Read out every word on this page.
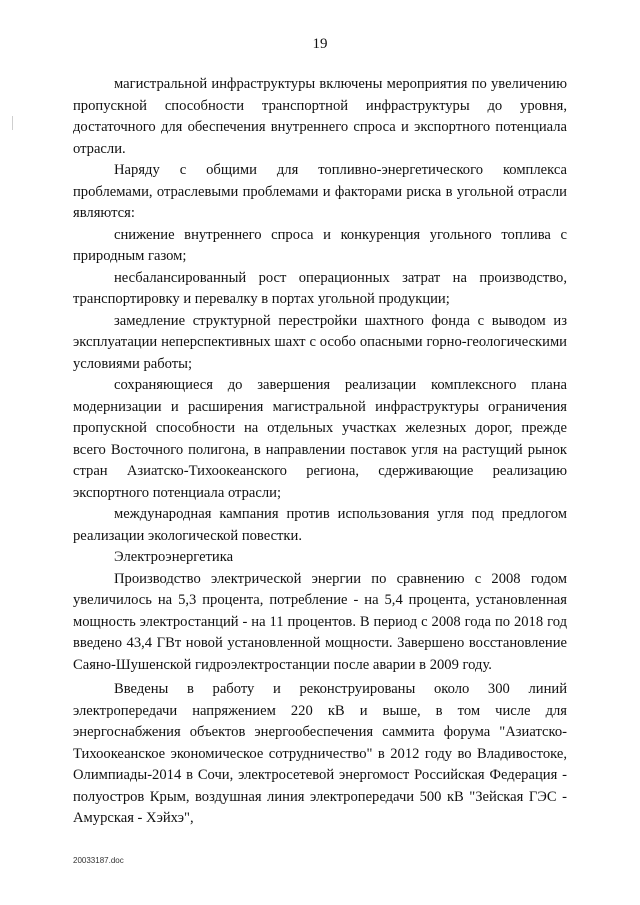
19

магистральной инфраструктуры включены мероприятия по увеличению пропускной способности транспортной инфраструктуры до уровня, достаточного для обеспечения внутреннего спроса и экспортного потенциала отрасли.

Наряду с общими для топливно-энергетического комплекса проблемами, отраслевыми проблемами и факторами риска в угольной отрасли являются:

снижение внутреннего спроса и конкуренция угольного топлива с природным газом;

несбалансированный рост операционных затрат на производство, транспортировку и перевалку в портах угольной продукции;

замедление структурной перестройки шахтного фонда с выводом из эксплуатации неперспективных шахт с особо опасными горно-геологическими условиями работы;

сохраняющиеся до завершения реализации комплексного плана модернизации и расширения магистральной инфраструктуры ограничения пропускной способности на отдельных участках железных дорог, прежде всего Восточного полигона, в направлении поставок угля на растущий рынок стран Азиатско-Тихоокеанского региона, сдерживающие реализацию экспортного потенциала отрасли;

международная кампания против использования угля под предлогом реализации экологической повестки.

Электроэнергетика

Производство электрической энергии по сравнению с 2008 годом увеличилось на 5,3 процента, потребление - на 5,4 процента, установленная мощность электростанций - на 11 процентов. В период с 2008 года по 2018 год введено 43,4 ГВт новой установленной мощности. Завершено восстановление Саяно-Шушенской гидроэлектростанции после аварии в 2009 году.

Введены в работу и реконструированы около 300 линий электропередачи напряжением 220 кВ и выше, в том числе для энергоснабжения объектов энергообеспечения саммита форума "Азиатско-Тихоокеанское экономическое сотрудничество" в 2012 году во Владивостоке, Олимпиады-2014 в Сочи, электросетевой энергомост Российская Федерация - полуостров Крым, воздушная линия электропередачи 500 кВ "Зейская ГЭС - Амурская - Хэйхэ",

20033187.doc
